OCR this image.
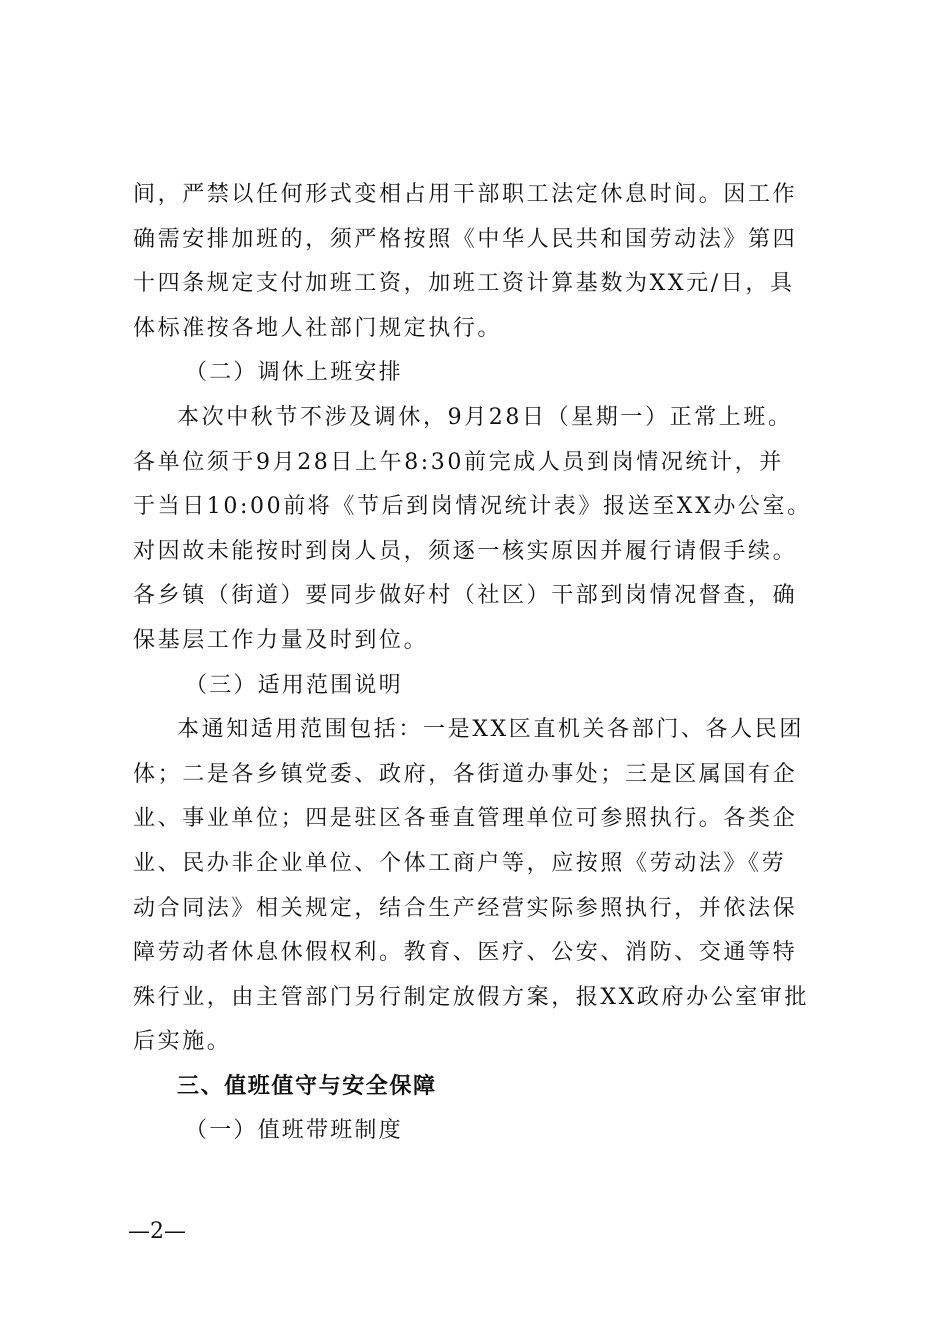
间，严禁以任何形式变相占用干部职工法定休息时间。因工作
确需安排加班的，须严格按照《中华人民共和国劳动法》第四
十四条规定支付加班工资，加班工资计算基数为XX元/日，具
体标准按各地人社部门规定执行。
（二）调休上班安排
本次中秋节不涉及调休，9月28日（星期一）正常上班。
各单位须于9月28日上午8:30前完成人员到岗情况统计，并
于当日10:00前将《节后到岗情况统计表》报送至XX办公室。
对因故未能按时到岗人员，须逐一核实原因并履行请假手续。
各乡镇（街道）要同步做好村（社区）干部到岗情况督查，确
保基层工作力量及时到位。
（三）适用范围说明
本通知适用范围包括：一是XX区直机关各部门、各人民团
体；二是各乡镇党委、政府，各街道办事处；三是区属国有企
业、事业单位；四是驻区各垂直管理单位可参照执行。各类企
业、民办非企业单位、个体工商户等，应按照《劳动法》《劳
动合同法》相关规定，结合生产经营实际参照执行，并依法保
障劳动者休息休假权利。教育、医疗、公安、消防、交通等特
殊行业，由主管部门另行制定放假方案，报XX政府办公室审批
后实施。
三、值班值守与安全保障
（一）值班带班制度
—2—
